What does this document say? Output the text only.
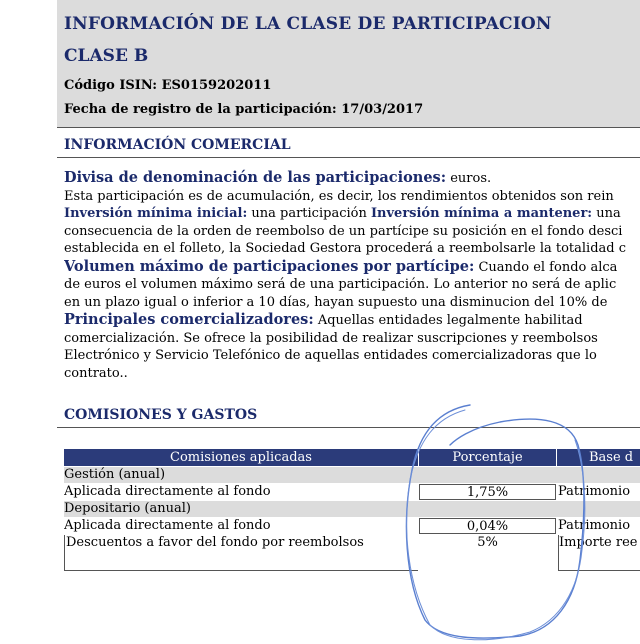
INFORMACIÓN DE LA CLASE DE PARTICIPACION
CLASE B
Código ISIN: ES0159202011
Fecha de registro de la participación: 17/03/2017
INFORMACIÓN COMERCIAL
Divisa de denominación de las participaciones: euros.
Esta participación es de acumulación, es decir, los rendimientos obtenidos son rein
Inversión mínima inicial: una participación Inversión mínima a mantener: una
consecuencia de la orden de reembolso de un partícipe su posición en el fondo desci
establecida en el folleto, la Sociedad Gestora procederá a reembolsarle la totalidad c
Volumen máximo de participaciones por partícipe: Cuando el fondo alca
de euros el volumen máximo será de una participación. Lo anterior no será de aplic
en un plazo igual o inferior a 10 días, hayan supuesto una disminucion del 10% de
Principales comercializadores: Aquellas entidades legalmente habilitad
comercialización. Se ofrece la posibilidad de realizar suscripciones y reembolsos
Electrónico y Servicio Telefónico de aquellas entidades comercializadoras que lo
contrato..
COMISIONES Y GASTOS
Comisiones aplicadas	Porcentaje	Base d
Gestión (anual)
Aplicada directamente al fondo	1,75%	Patrimonio
Depositario (anual)
Aplicada directamente al fondo	0,04%	Patrimonio
Descuentos a favor del fondo por reembolsos	5%	Importe ree
